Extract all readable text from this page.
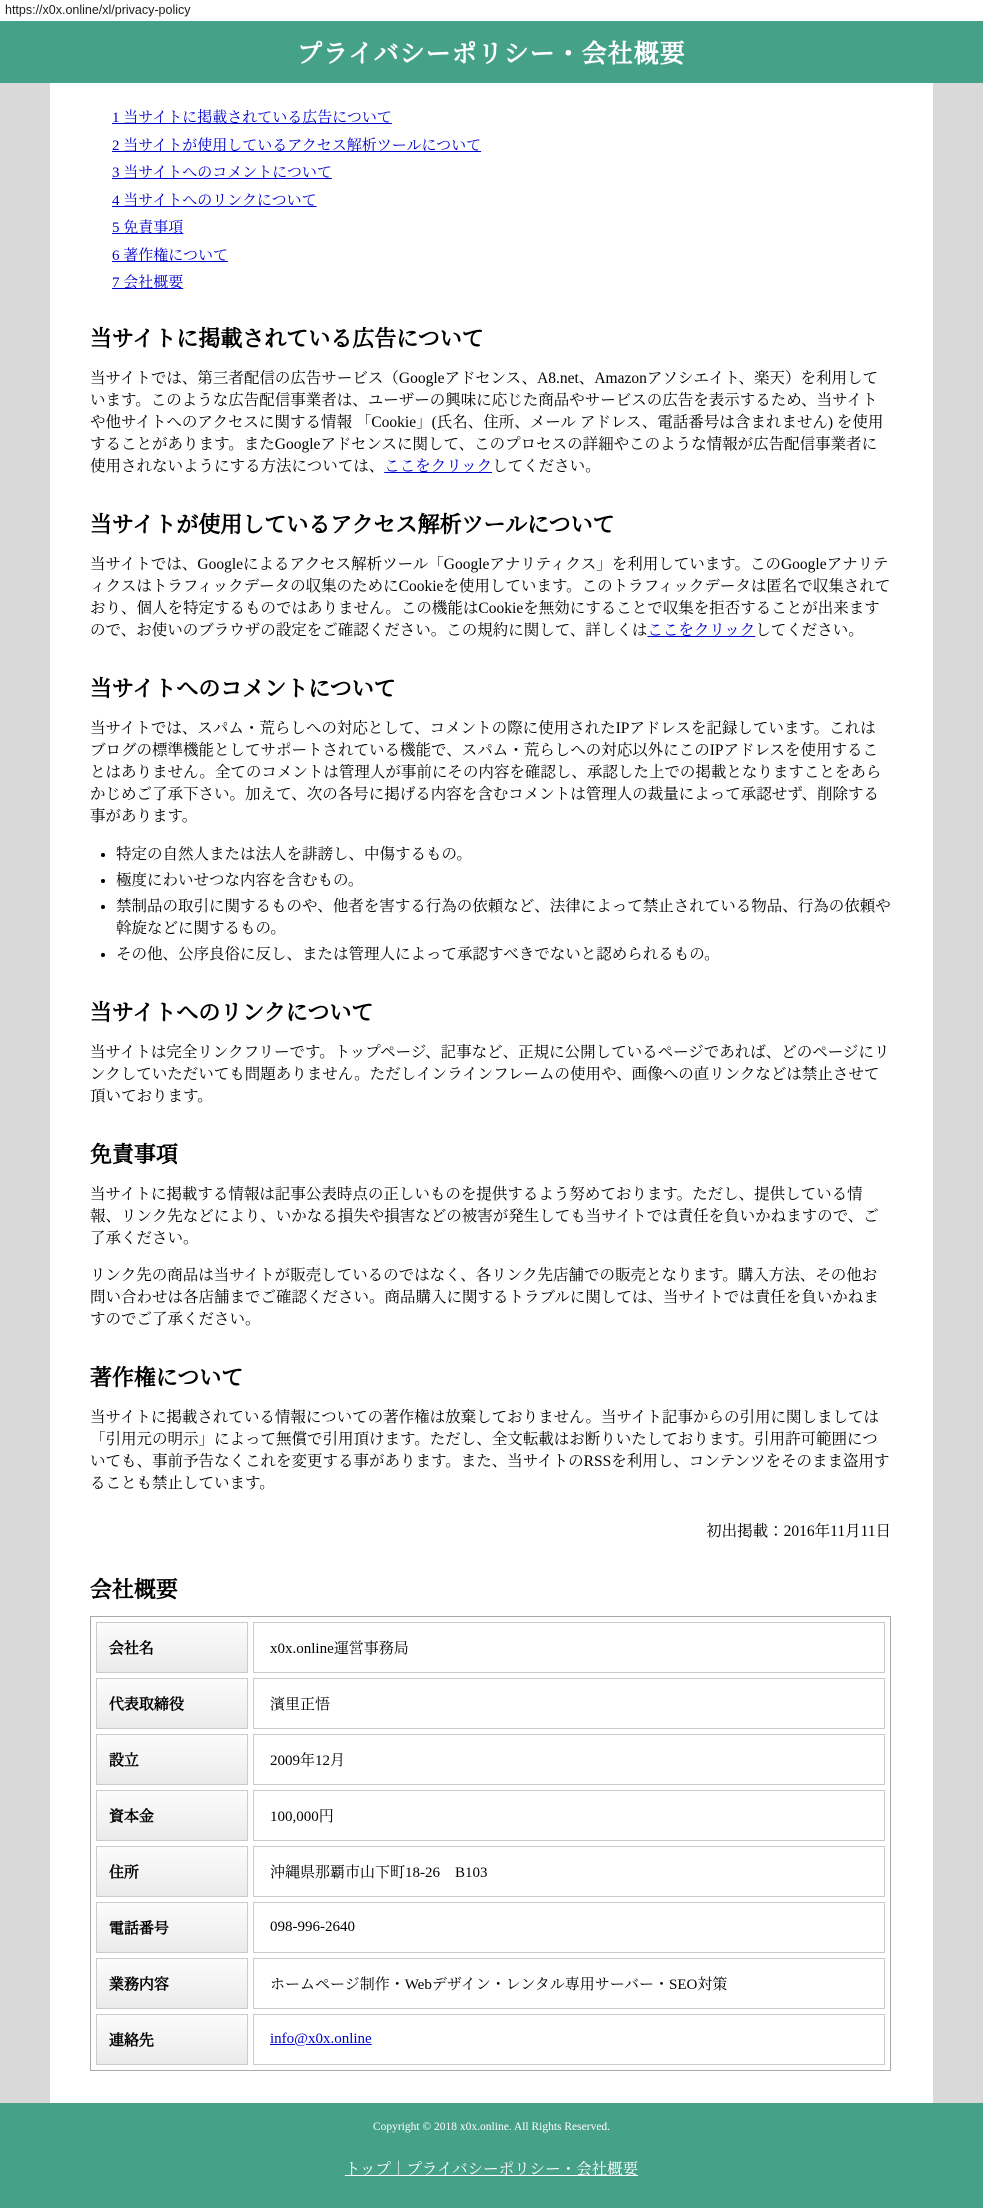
https://x0x.online/xl/privacy-policy
プライバシーポリシー・会社概要
1 当サイトに掲載されている広告について
2 当サイトが使用しているアクセス解析ツールについて
3 当サイトへのコメントについて
4 当サイトへのリンクについて
5 免責事項
6 著作権について
7 会社概要
当サイトに掲載されている広告について

当サイトでは、第三者配信の広告サービス（Googleアドセンス、A8.net、Amazonアソシエイト、楽天）を利用しています。このような広告配信事業者は、ユーザーの興味に応じた商品やサービスの広告を表示するため、当サイトや他サイトへのアクセスに関する情報 「Cookie」(氏名、住所、メール アドレス、電話番号は含まれません) を使用することがあります。またGoogleアドセンスに関して、このプロセスの詳細やこのような情報が広告配信事業者に使用されないようにする方法については、ここをクリックしてください。

当サイトが使用しているアクセス解析ツールについて

当サイトでは、Googleによるアクセス解析ツール「Googleアナリティクス」を利用しています。このGoogleアナリティクスはトラフィックデータの収集のためにCookieを使用しています。このトラフィックデータは匿名で収集されており、個人を特定するものではありません。この機能はCookieを無効にすることで収集を拒否することが出来ますので、お使いのブラウザの設定をご確認ください。この規約に関して、詳しくはここをクリックしてください。

当サイトへのコメントについて

当サイトでは、スパム・荒らしへの対応として、コメントの際に使用されたIPアドレスを記録しています。これはブログの標準機能としてサポートされている機能で、スパム・荒らしへの対応以外にこのIPアドレスを使用することはありません。全てのコメントは管理人が事前にその内容を確認し、承認した上での掲載となりますことをあらかじめご了承下さい。加えて、次の各号に掲げる内容を含むコメントは管理人の裁量によって承認せず、削除する事があります。

• 特定の自然人または法人を誹謗し、中傷するもの。
• 極度にわいせつな内容を含むもの。
• 禁制品の取引に関するものや、他者を害する行為の依頼など、法律によって禁止されている物品、行為の依頼や斡旋などに関するもの。
• その他、公序良俗に反し、または管理人によって承認すべきでないと認められるもの。
当サイトへのリンクについて

当サイトは完全リンクフリーです。トップページ、記事など、正規に公開しているページであれば、どのページにリンクしていただいても問題ありません。ただしインラインフレームの使用や、画像への直リンクなどは禁止させて頂いております。

免責事項

当サイトに掲載する情報は記事公表時点の正しいものを提供するよう努めております。ただし、提供している情報、リンク先などにより、いかなる損失や損害などの被害が発生しても当サイトでは責任を負いかねますので、ご了承ください。

リンク先の商品は当サイトが販売しているのではなく、各リンク先店舗での販売となります。購入方法、その他お問い合わせは各店舗までご確認ください。商品購入に関するトラブルに関しては、当サイトでは責任を負いかねますのでご了承ください。

著作権について

当サイトに掲載されている情報についての著作権は放棄しておりません。当サイト記事からの引用に関しましては「引用元の明示」によって無償で引用頂けます。ただし、全文転載はお断りいたしております。引用許可範囲についても、事前予告なくこれを変更する事があります。また、当サイトのRSSを利用し、コンテンツをそのまま盗用することも禁止しています。

初出掲載：2016年11月11日

会社概要
会社名	x0x.online運営事務局
代表取締役	濱里正悟
設立	2009年12月
資本金	100,000円
住所	沖縄県那覇市山下町18-26　B103
電話番号	098-996-2640
業務内容	ホームページ制作・Webデザイン・レンタル専用サーバー・SEO対策
連絡先	info@x0x.online

Copyright © 2018 x0x.online. All Rights Reserved.

トップ｜プライバシーポリシー・会社概要
